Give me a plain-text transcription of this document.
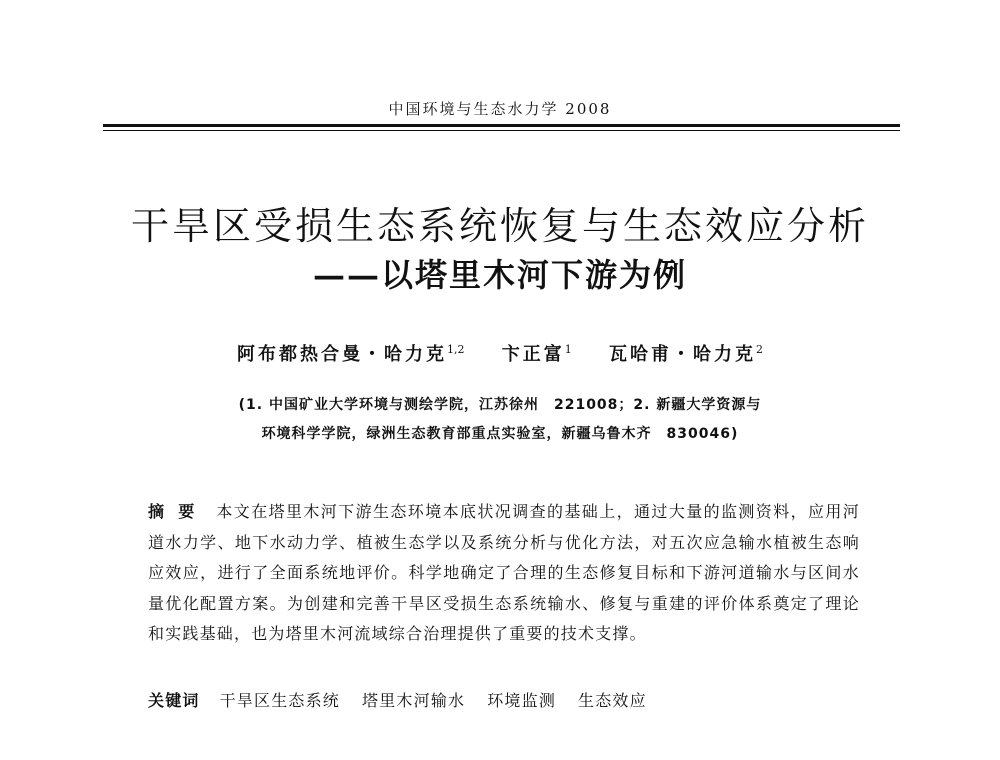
中国环境与生态水力学 2008
干旱区受损生态系统恢复与生态效应分析
——以塔里木河下游为例
阿布都热合曼・哈力克$^{1,2}$ 卞正富$^1$ 瓦哈甫・哈力克$^2$
(1. 中国矿业大学环境与测绘学院，江苏徐州　221008；2. 新疆大学资源与
环境科学学院，绿洲生态教育部重点实验室，新疆乌鲁木齐　830046)
摘要 本文在塔里木河下游生态环境本底状况调查的基础上，通过大量的监测资料，应用河道水力学、地下水动力学、植被生态学以及系统分析与优化方法，对五次应急输水植被生态响应效应，进行了全面系统地评价。科学地确定了合理的生态修复目标和下游河道输水与区间水量优化配置方案。为创建和完善干旱区受损生态系统输水、修复与重建的评价体系奠定了理论和实践基础，也为塔里木河流域综合治理提供了重要的技术支撑。
关键词 干旱区生态系统 塔里木河输水 环境监测 生态效应
